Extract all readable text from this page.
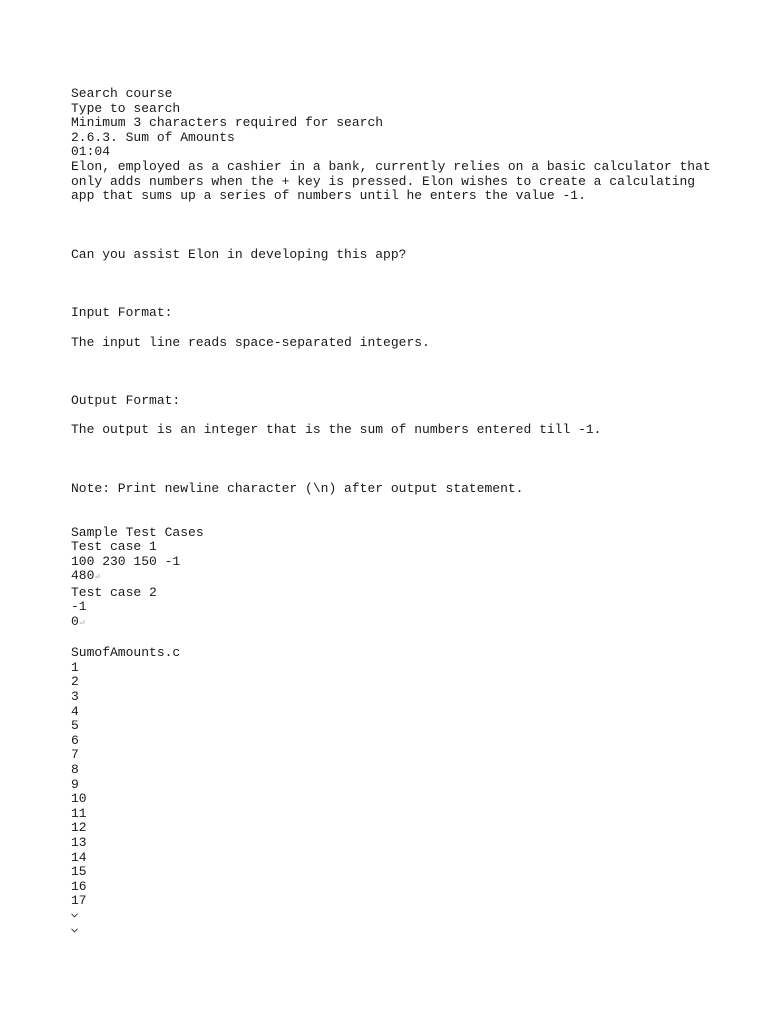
Search course
Type to search
Minimum 3 characters required for search
2.6.3. Sum of Amounts
01:04
Elon, employed as a cashier in a bank, currently relies on a basic calculator that only adds numbers when the + key is pressed. Elon wishes to create a calculating app that sums up a series of numbers until he enters the value -1.
Can you assist Elon in developing this app?
Input Format:
The input line reads space-separated integers.
Output Format:
The output is an integer that is the sum of numbers entered till -1.
Note: Print newline character (\n) after output statement.
Sample Test Cases
Test case 1
100 230 150 -1
480⏎
Test case 2
-1
0⏎
SumofAmounts.c
1
2
3
4
5
6
7
8
9
10
11
12
13
14
15
16
17
